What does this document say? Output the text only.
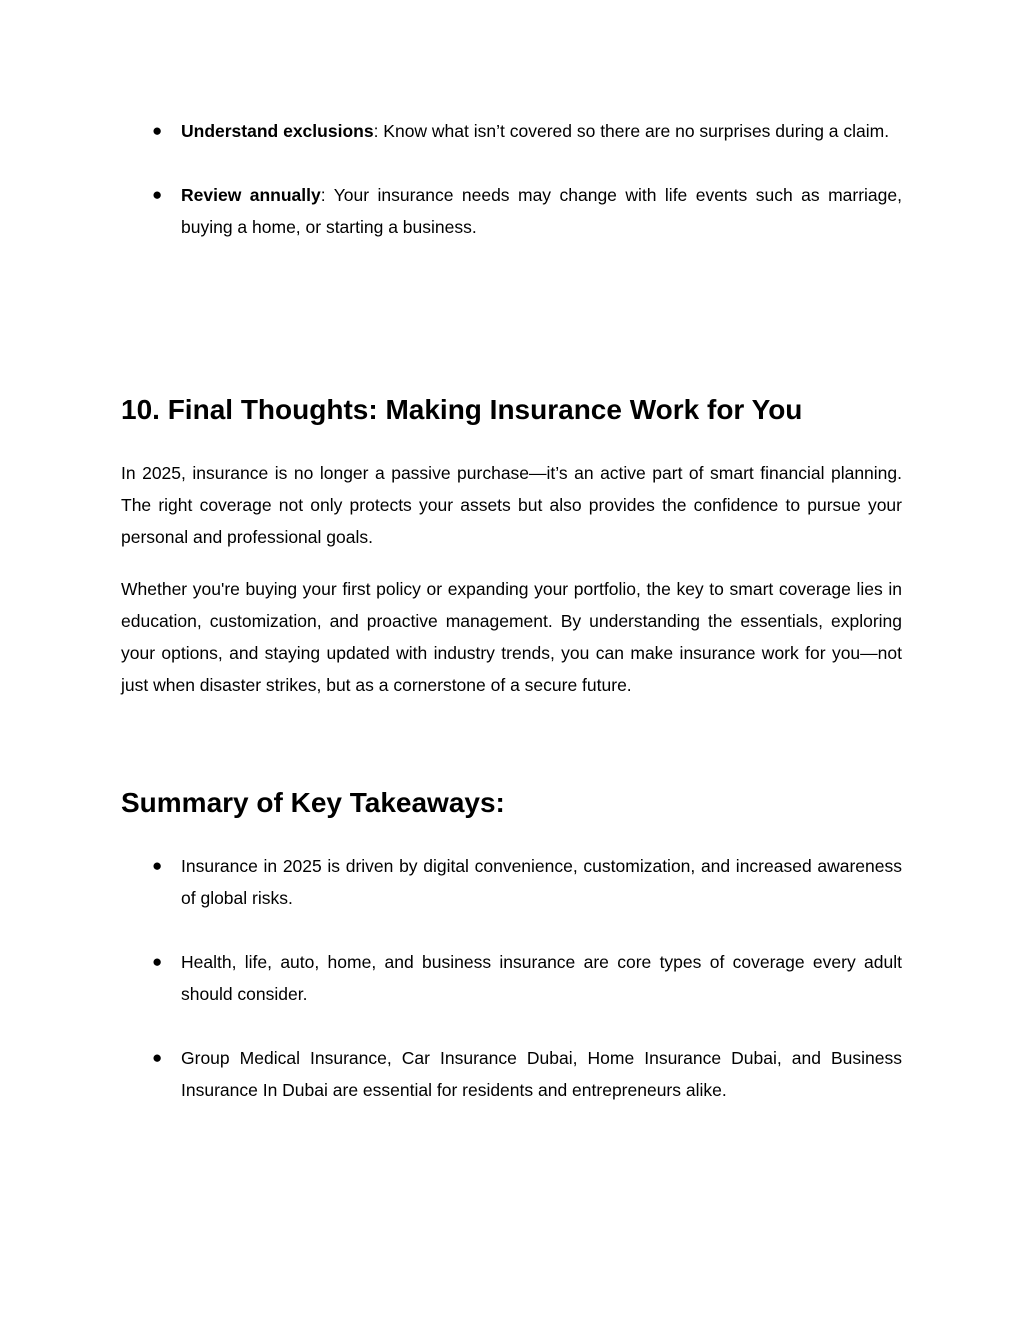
● Understand exclusions: Know what isn’t covered so there are no surprises during a claim.
● Review annually: Your insurance needs may change with life events such as marriage, buying a home, or starting a business.
10. Final Thoughts: Making Insurance Work for You

In 2025, insurance is no longer a passive purchase—it’s an active part of smart financial planning. The right coverage not only protects your assets but also provides the confidence to pursue your personal and professional goals.

Whether you're buying your first policy or expanding your portfolio, the key to smart coverage lies in education, customization, and proactive management. By understanding the essentials, exploring your options, and staying updated with industry trends, you can make insurance work for you—not just when disaster strikes, but as a cornerstone of a secure future.

Summary of Key Takeaways:
● Insurance in 2025 is driven by digital convenience, customization, and increased awareness of global risks.
● Health, life, auto, home, and business insurance are core types of coverage every adult should consider.
● Group Medical Insurance, Car Insurance Dubai, Home Insurance Dubai, and Business Insurance In Dubai are essential for residents and entrepreneurs alike.
